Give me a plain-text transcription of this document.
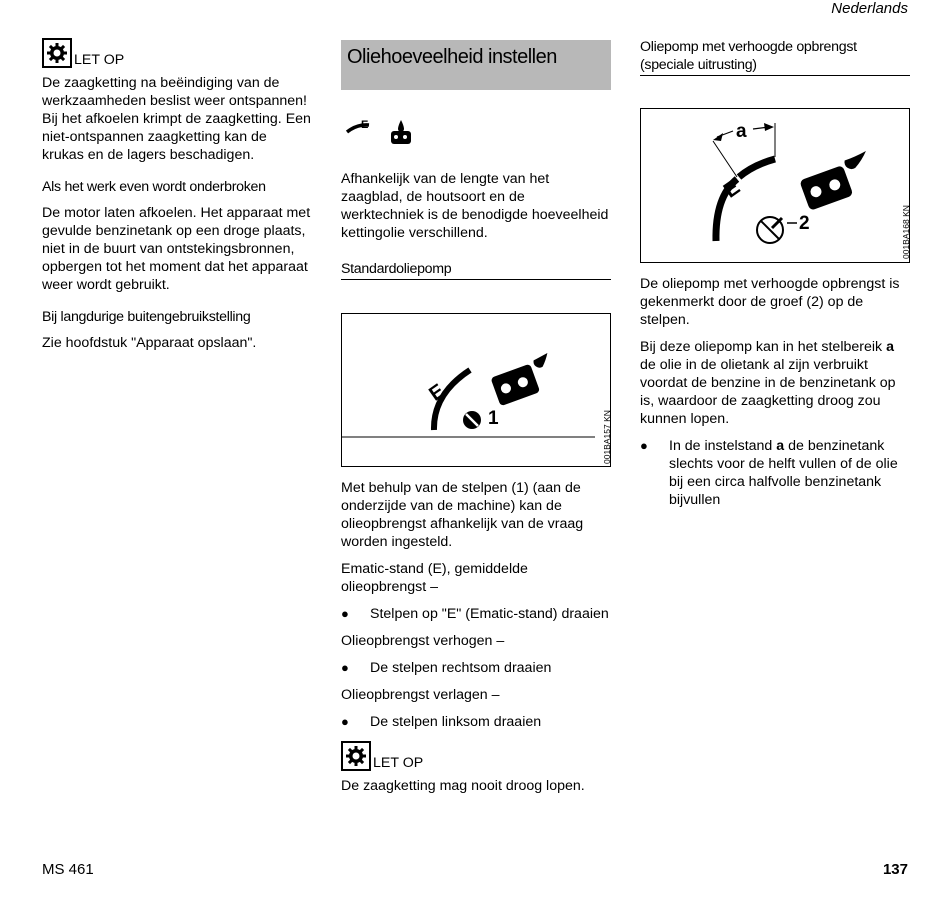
Nederlands
LET OP

De zaagketting na beëindiging van de werkzaamheden beslist weer ontspannen! Bij het afkoelen krimpt de zaagketting. Een niet-ontspannen zaagketting kan de krukas en de lagers beschadigen.

Als het werk even wordt onderbroken

De motor laten afkoelen. Het apparaat met gevulde benzinetank op een droge plaats, niet in de buurt van ontstekingsbronnen, opbergen tot het moment dat het apparaat weer wordt gebruikt.

Bij langdurige buitengebruikstelling

Zie hoofdstuk "Apparaat opslaan".

Oliehoeveelheid instellen
E

Afhankelijk van de lengte van het zaagblad, de houtsoort en de werktechniek is de benodigde hoeveelheid kettingolie verschillend.

Standardoliepomp
E
1	001BA157 KN

Met behulp van de stelpen (1) (aan de onderzijde van de machine) kan de olieopbrengst afhankelijk van de vraag worden ingesteld.

Ematic-stand (E), gemiddelde olieopbrengst –

●	Stelpen op "E" (Ematic-stand) draaien

Olieopbrengst verhogen –

●	De stelpen rechtsom draaien

Olieopbrengst verlagen –

●	De stelpen linksom draaien
LET OP

De zaagketting mag nooit droog lopen.

Oliepomp met verhoogde opbrengst (speciale uitrusting)
E
a
2	001BA168 KN

De oliepomp met verhoogde opbrengst is gekenmerkt door de groef (2) op de stelpen.

Bij deze oliepomp kan in het stelbereik a de olie in de olietank al zijn verbruikt voordat de benzine in de benzinetank op is, waardoor de zaagketting droog zou kunnen lopen.

●	In de instelstand a de benzinetank slechts voor de helft vullen of de olie bij een circa halfvolle benzinetank bijvullen
MS 461	137
